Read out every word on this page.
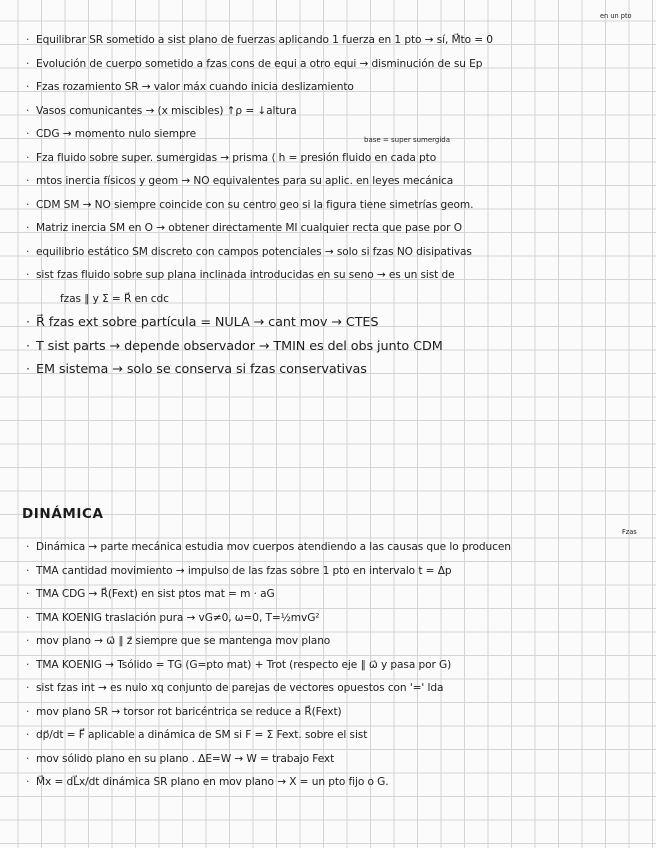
· Equilibrar SR sometido a sist plano de fuerzas aplicando 1 fuerza en 1 pto → sí, M⃗to = 0
· Evolución de cuerpo sometido a fzas cons de equi a otro equi → disminución de su Ep
· Fzas rozamiento SR → valor máx cuando inicia deslizamiento
· Vasos comunicantes → (x miscibles) ↑ρ = ↓altura
· CDG → momento nulo siempre
· Fza fluido sobre super. sumergidas → prisma ⟨ h = presión fluido en cada pto
· mtos inercia físicos y geom → NO equivalentes para su aplic. en leyes mecánica
· CDM SM → NO siempre coincide con su centro geo si la figura tiene simetrías geom.
· Matriz inercia SM en O → obtener directamente MI cualquier recta que pase por O
· equilibrio estático SM discreto con campos potenciales → solo si fzas NO disipativas
· sist fzas fluido sobre sup plana inclinada introducidas en su seno → es un sist de
fzas ∥ y Σ = R⃗ en cdc
· R⃗ fzas ext sobre partícula = NULA → cant mov → CTES
· T sist parts → depende observador → TMIN es del obs junto CDM
· EM sistema → solo se conserva si fzas conservativas
en un pto
base = super sumergida
DINÁMICA
Fzas
· Dinámica → parte mecánica estudia mov cuerpos atendiendo a las causas que lo producen
· TMA cantidad movimiento → impulso de las fzas sobre 1 pto en intervalo t = Δp
· TMA CDG → R⃗(Fext) en sist ptos mat = m · aG
· TMA KOENIG traslación pura → vG≠0, ω=0, T=½mvG²
· mov plano → ω⃗ ∥ z⃗ siempre que se mantenga mov plano
· TMA KOENIG → Tsólido = TG (G=pto mat) + Trot (respecto eje ∥ ω⃗ y pasa por G)
· sist fzas int → es nulo xq conjunto de parejas de vectores opuestos con '=' lda
· mov plano SR → torsor rot baricéntrica se reduce a R⃗(Fext)
· dp⃗/dt = F⃗ aplicable a dinámica de SM si F = Σ Fext. sobre el sist
· mov sólido plano en su plano . ΔE=W → W = trabajo Fext
· M⃗x = dL⃗x/dt dinámica SR plano en mov plano → X = un pto fijo o G.
